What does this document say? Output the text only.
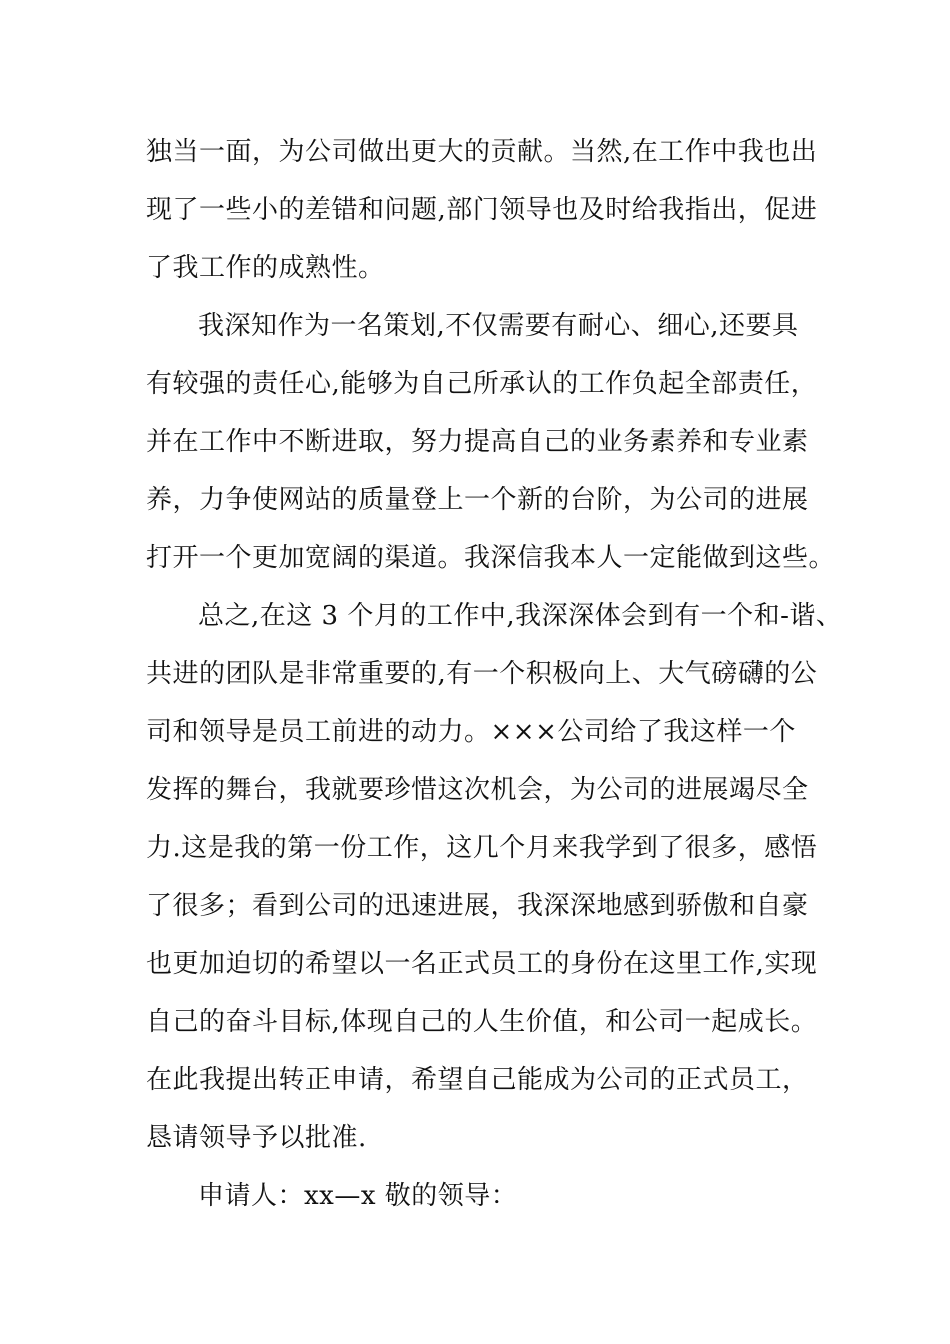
独当一面，为公司做出更大的贡献。当然,在工作中我也出
现了一些小的差错和问题,部门领导也及时给我指出，促进
了我工作的成熟性。
我深知作为一名策划,不仅需要有耐心、细心,还要具
有较强的责任心,能够为自己所承认的工作负起全部责任，
并在工作中不断进取，努力提高自己的业务素养和专业素
养，力争使网站的质量登上一个新的台阶，为公司的进展
打开一个更加宽阔的渠道。我深信我本人一定能做到这些。
总之,在这 3 个月的工作中,我深深体会到有一个和-谐、
共进的团队是非常重要的,有一个积极向上、大气磅礴的公
司和领导是员工前进的动力。×××公司给了我这样一个
发挥的舞台，我就要珍惜这次机会，为公司的进展竭尽全
力.这是我的第一份工作，这几个月来我学到了很多，感悟
了很多；看到公司的迅速进展，我深深地感到骄傲和自豪
也更加迫切的希望以一名正式员工的身份在这里工作,实现
自己的奋斗目标,体现自己的人生价值，和公司一起成长。
在此我提出转正申请，希望自己能成为公司的正式员工，
恳请领导予以批准.
申请人：xx—x 敬的领导：
